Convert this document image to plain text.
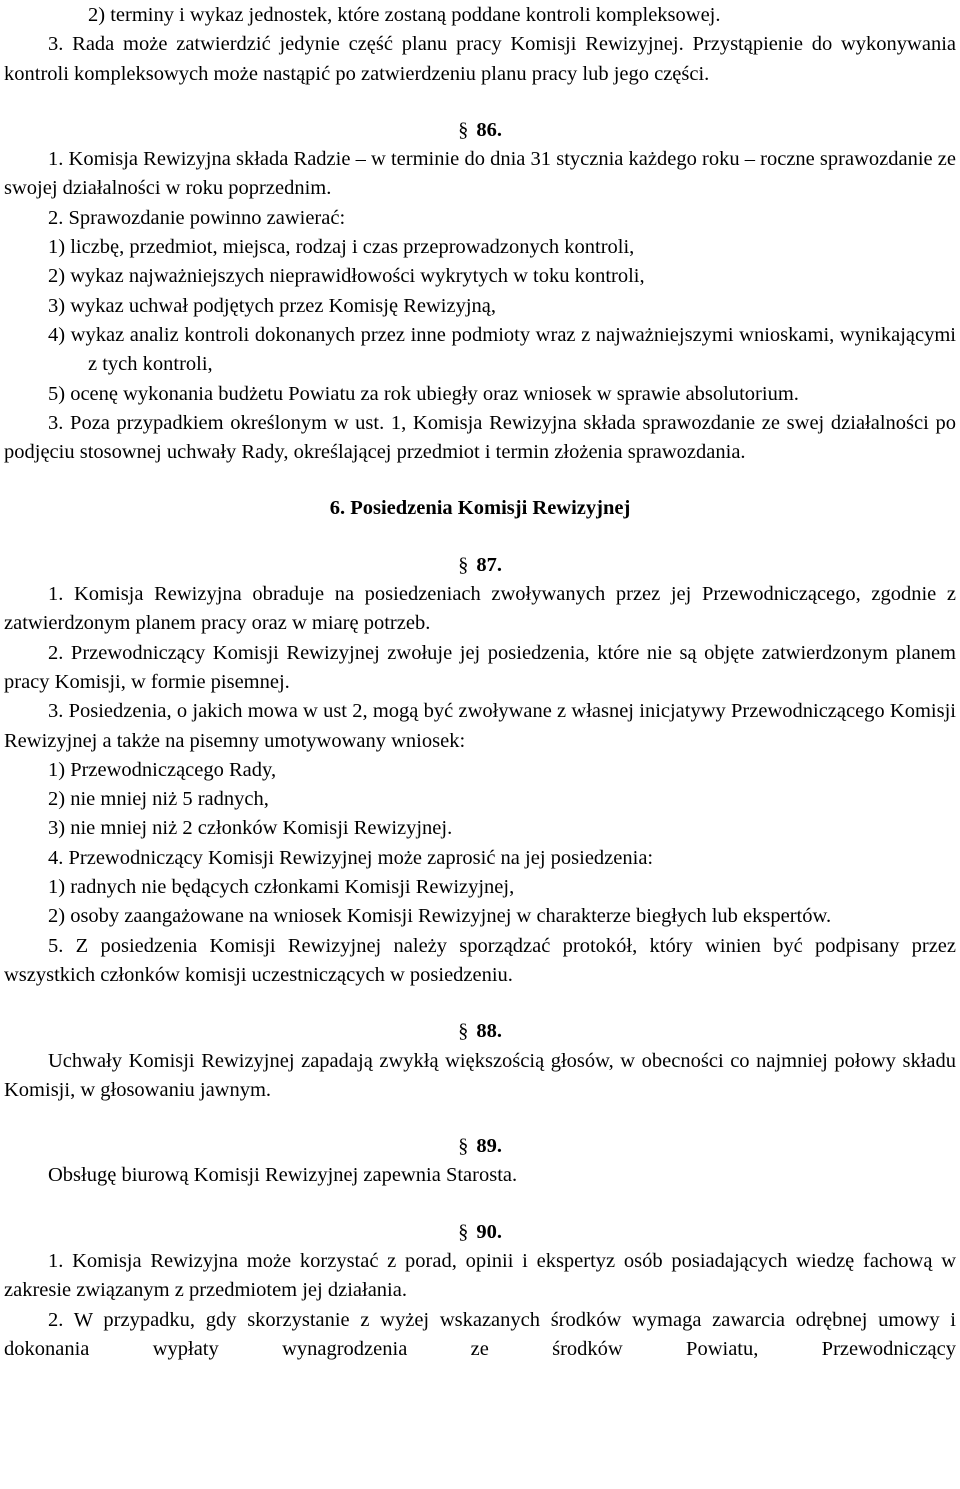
2) terminy i wykaz jednostek, które zostaną poddane kontroli kompleksowej.

3. Rada może zatwierdzić jedynie część planu pracy Komisji Rewizyjnej. Przystąpienie do wykonywania kontroli kompleksowych może nastąpić po zatwierdzeniu planu pracy lub jego części.

§ 86.

1. Komisja Rewizyjna składa Radzie – w terminie do dnia 31 stycznia każdego roku – roczne sprawozdanie ze swojej działalności w roku poprzednim.

2. Sprawozdanie powinno zawierać:

1) liczbę, przedmiot, miejsca, rodzaj i czas przeprowadzonych kontroli,

2) wykaz najważniejszych nieprawidłowości wykrytych w toku kontroli,

3) wykaz uchwał podjętych przez Komisję Rewizyjną,

4) wykaz analiz kontroli dokonanych przez inne podmioty wraz z najważniejszymi wnioskami, wynikającymi z tych kontroli,

5) ocenę wykonania budżetu Powiatu za rok ubiegły oraz wniosek w sprawie absolutorium.

3. Poza przypadkiem określonym w ust. 1, Komisja Rewizyjna składa sprawozdanie ze swej działalności po podjęciu stosownej uchwały Rady, określającej przedmiot i termin złożenia sprawozdania.

6. Posiedzenia Komisji Rewizyjnej

§ 87.

1. Komisja Rewizyjna obraduje na posiedzeniach zwoływanych przez jej Przewodniczącego, zgodnie z zatwierdzonym planem pracy oraz w miarę potrzeb.

2. Przewodniczący Komisji Rewizyjnej zwołuje jej posiedzenia, które nie są objęte zatwierdzonym planem pracy Komisji, w formie pisemnej.

3. Posiedzenia, o jakich mowa w ust 2, mogą być zwoływane z własnej inicjatywy Przewodniczącego Komisji Rewizyjnej a także na pisemny umotywowany wniosek:

1) Przewodniczącego Rady,

2) nie mniej niż 5 radnych,

3) nie mniej niż 2 członków Komisji Rewizyjnej.

4. Przewodniczący Komisji Rewizyjnej może zaprosić na jej posiedzenia:

1) radnych nie będących członkami Komisji Rewizyjnej,

2) osoby zaangażowane na wniosek Komisji Rewizyjnej w charakterze biegłych lub ekspertów.

5. Z posiedzenia Komisji Rewizyjnej należy sporządzać protokół, który winien być podpisany przez wszystkich członków komisji uczestniczących w posiedzeniu.

§ 88.

Uchwały Komisji Rewizyjnej zapadają zwykłą większością głosów, w obecności co najmniej połowy składu Komisji, w głosowaniu jawnym.

§ 89.

Obsługę biurową Komisji Rewizyjnej zapewnia Starosta.

§ 90.

1. Komisja Rewizyjna może korzystać z porad, opinii i ekspertyz osób posiadających wiedzę fachową w zakresie związanym z przedmiotem jej działania.

2. W przypadku, gdy skorzystanie z wyżej wskazanych środków wymaga zawarcia odrębnej umowy i dokonania wypłaty wynagrodzenia ze środków Powiatu, Przewodniczący
